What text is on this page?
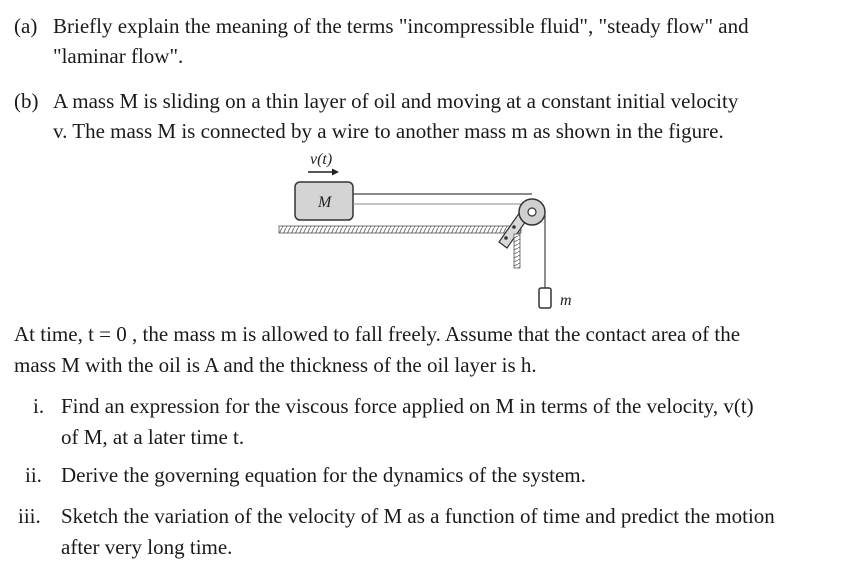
(a) Briefly explain the meaning of the terms "incompressible fluid", "steady flow" and
"laminar flow".
(b) A mass M is sliding on a thin layer of oil and moving at a constant initial velocity
v. The mass M is connected by a wire to another mass m as shown in the figure.
v(t)
M
m
At time, t = 0 , the mass m is allowed to fall freely. Assume that the contact area of the
mass M with the oil is A and the thickness of the oil layer is h.
i. Find an expression for the viscous force applied on M in terms of the velocity, v(t)
of M, at a later time t.
ii. Derive the governing equation for the dynamics of the system.
iii. Sketch the variation of the velocity of M as a function of time and predict the motion
after very long time.
